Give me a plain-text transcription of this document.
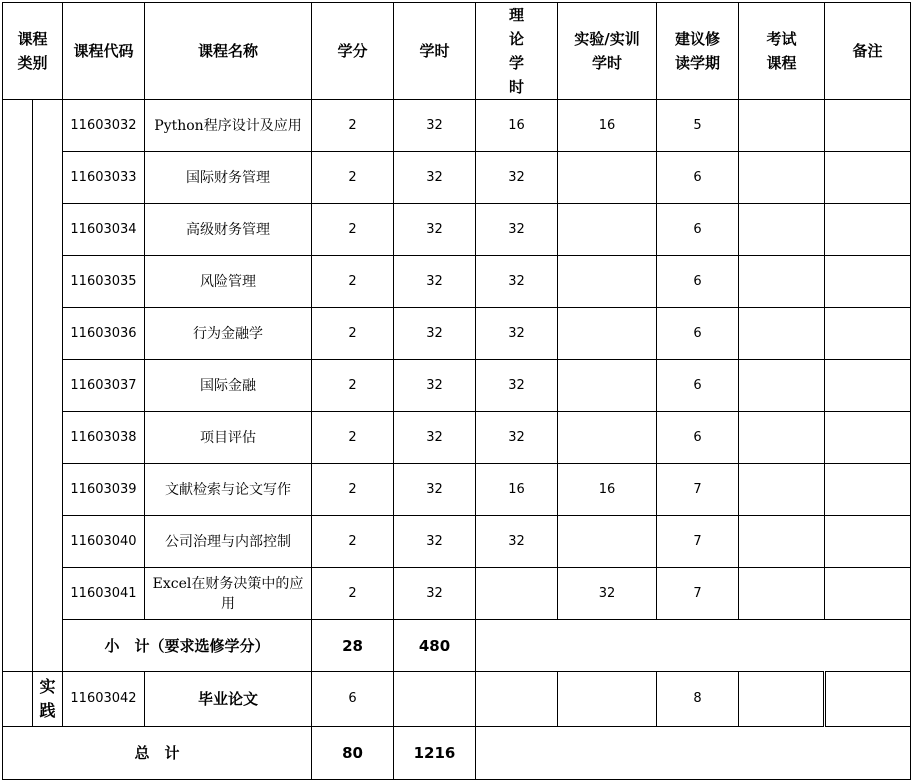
课程类别		课程代码	课程名称	学分	学时	理论学时	实验/实训学时	建议修读学期	考试课程	备注
		11603032	Python程序设计及应用	2	32	16	16	5		
		11603033	国际财务管理	2	32	32		6		
		11603034	高级财务管理	2	32	32		6		
		11603035	风险管理	2	32	32		6		
		11603036	行为金融学	2	32	32		6		
		11603037	国际金融	2	32	32		6		
		11603038	项目评估	2	32	32		6		
		11603039	文献检索与论文写作	2	32	16	16	7		
		11603040	公司治理与内部控制	2	32	32		7		
		11603041	Excel在财务决策中的应用	2	32		32	7		
		小　计（要求选修学分）		28	480					
	实践	11603042	毕业论文	6				8		
总　计				80	1216					
